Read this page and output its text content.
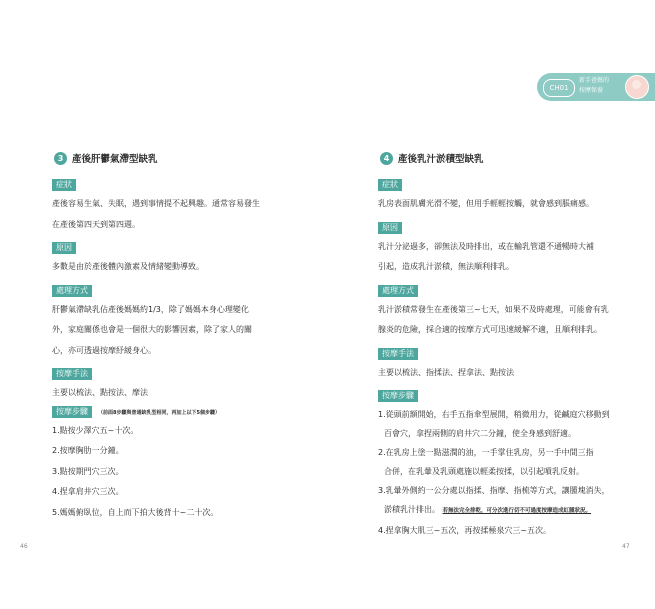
CH01
新手爸媽的
按摩保養
3 產後肝鬱氣滯型缺乳
症狀

產後容易生氣、失眠，遇到事情提不起興趣。通常容易發生

在產後第四天到第四週。

原因

多數是由於產後體內激素及情緒變動導致。

處理方式

肝鬱氣滯缺乳佔產後媽媽約1/3，除了媽媽本身心理變化

外，家庭關係也會是一個很大的影響因素，除了家人的關

心，亦可透過按摩紓緩身心。

按摩手法

主要以梳法、點按法、摩法

按摩步驟	（前面8步驟與普通缺乳型相同，再加上以下5個步驟）

1.點按少澤穴五~十次。

2.按摩胸肋一分鐘。

3.點按期門穴三次。

4.捏拿肩井穴三次。

5.媽媽俯臥位，自上而下拍大後背十~二十次。

4 產後乳汁淤積型缺乳
症狀

乳房表面肌膚光滑不變，但用手輕輕按觸，就會感到脹痛感。

原因

乳汁分泌過多，卻無法及時排出，或在輸乳管還不通暢時大補

引起，造成乳汁淤積，無法順利排乳。

處理方式

乳汁淤積常發生在產後第三~七天，如果不及時處理，可能會有乳

腺炎的危險，採合適的按摩方式可迅速緩解不適，且順利排乳。

按摩手法

主要以梳法、指揉法、捏拿法、點按法

按摩步驟

1.從頭前額開始，右手五指傘型展開，稍微用力，從鹹庭穴移動到

百會穴，拿捏兩側的肩井穴二分鐘，使全身感到舒適。

2.在乳房上塗一點滋潤的油，一手掌住乳房，另一手中間三指

合併，在乳暈及乳頭處施以輕柔按揉，以引起噴乳反射。

3.乳暈外側約一公分處以指揉、指摩、指梳等方式，讓腫塊消失，

淤積乳汁排出。 若無法完全排乾，可分次進行切不可過度按摩造成紅腫狀況。

4.捏拿胸大肌三~五次，再按揉極泉穴三~五次。

46	47
